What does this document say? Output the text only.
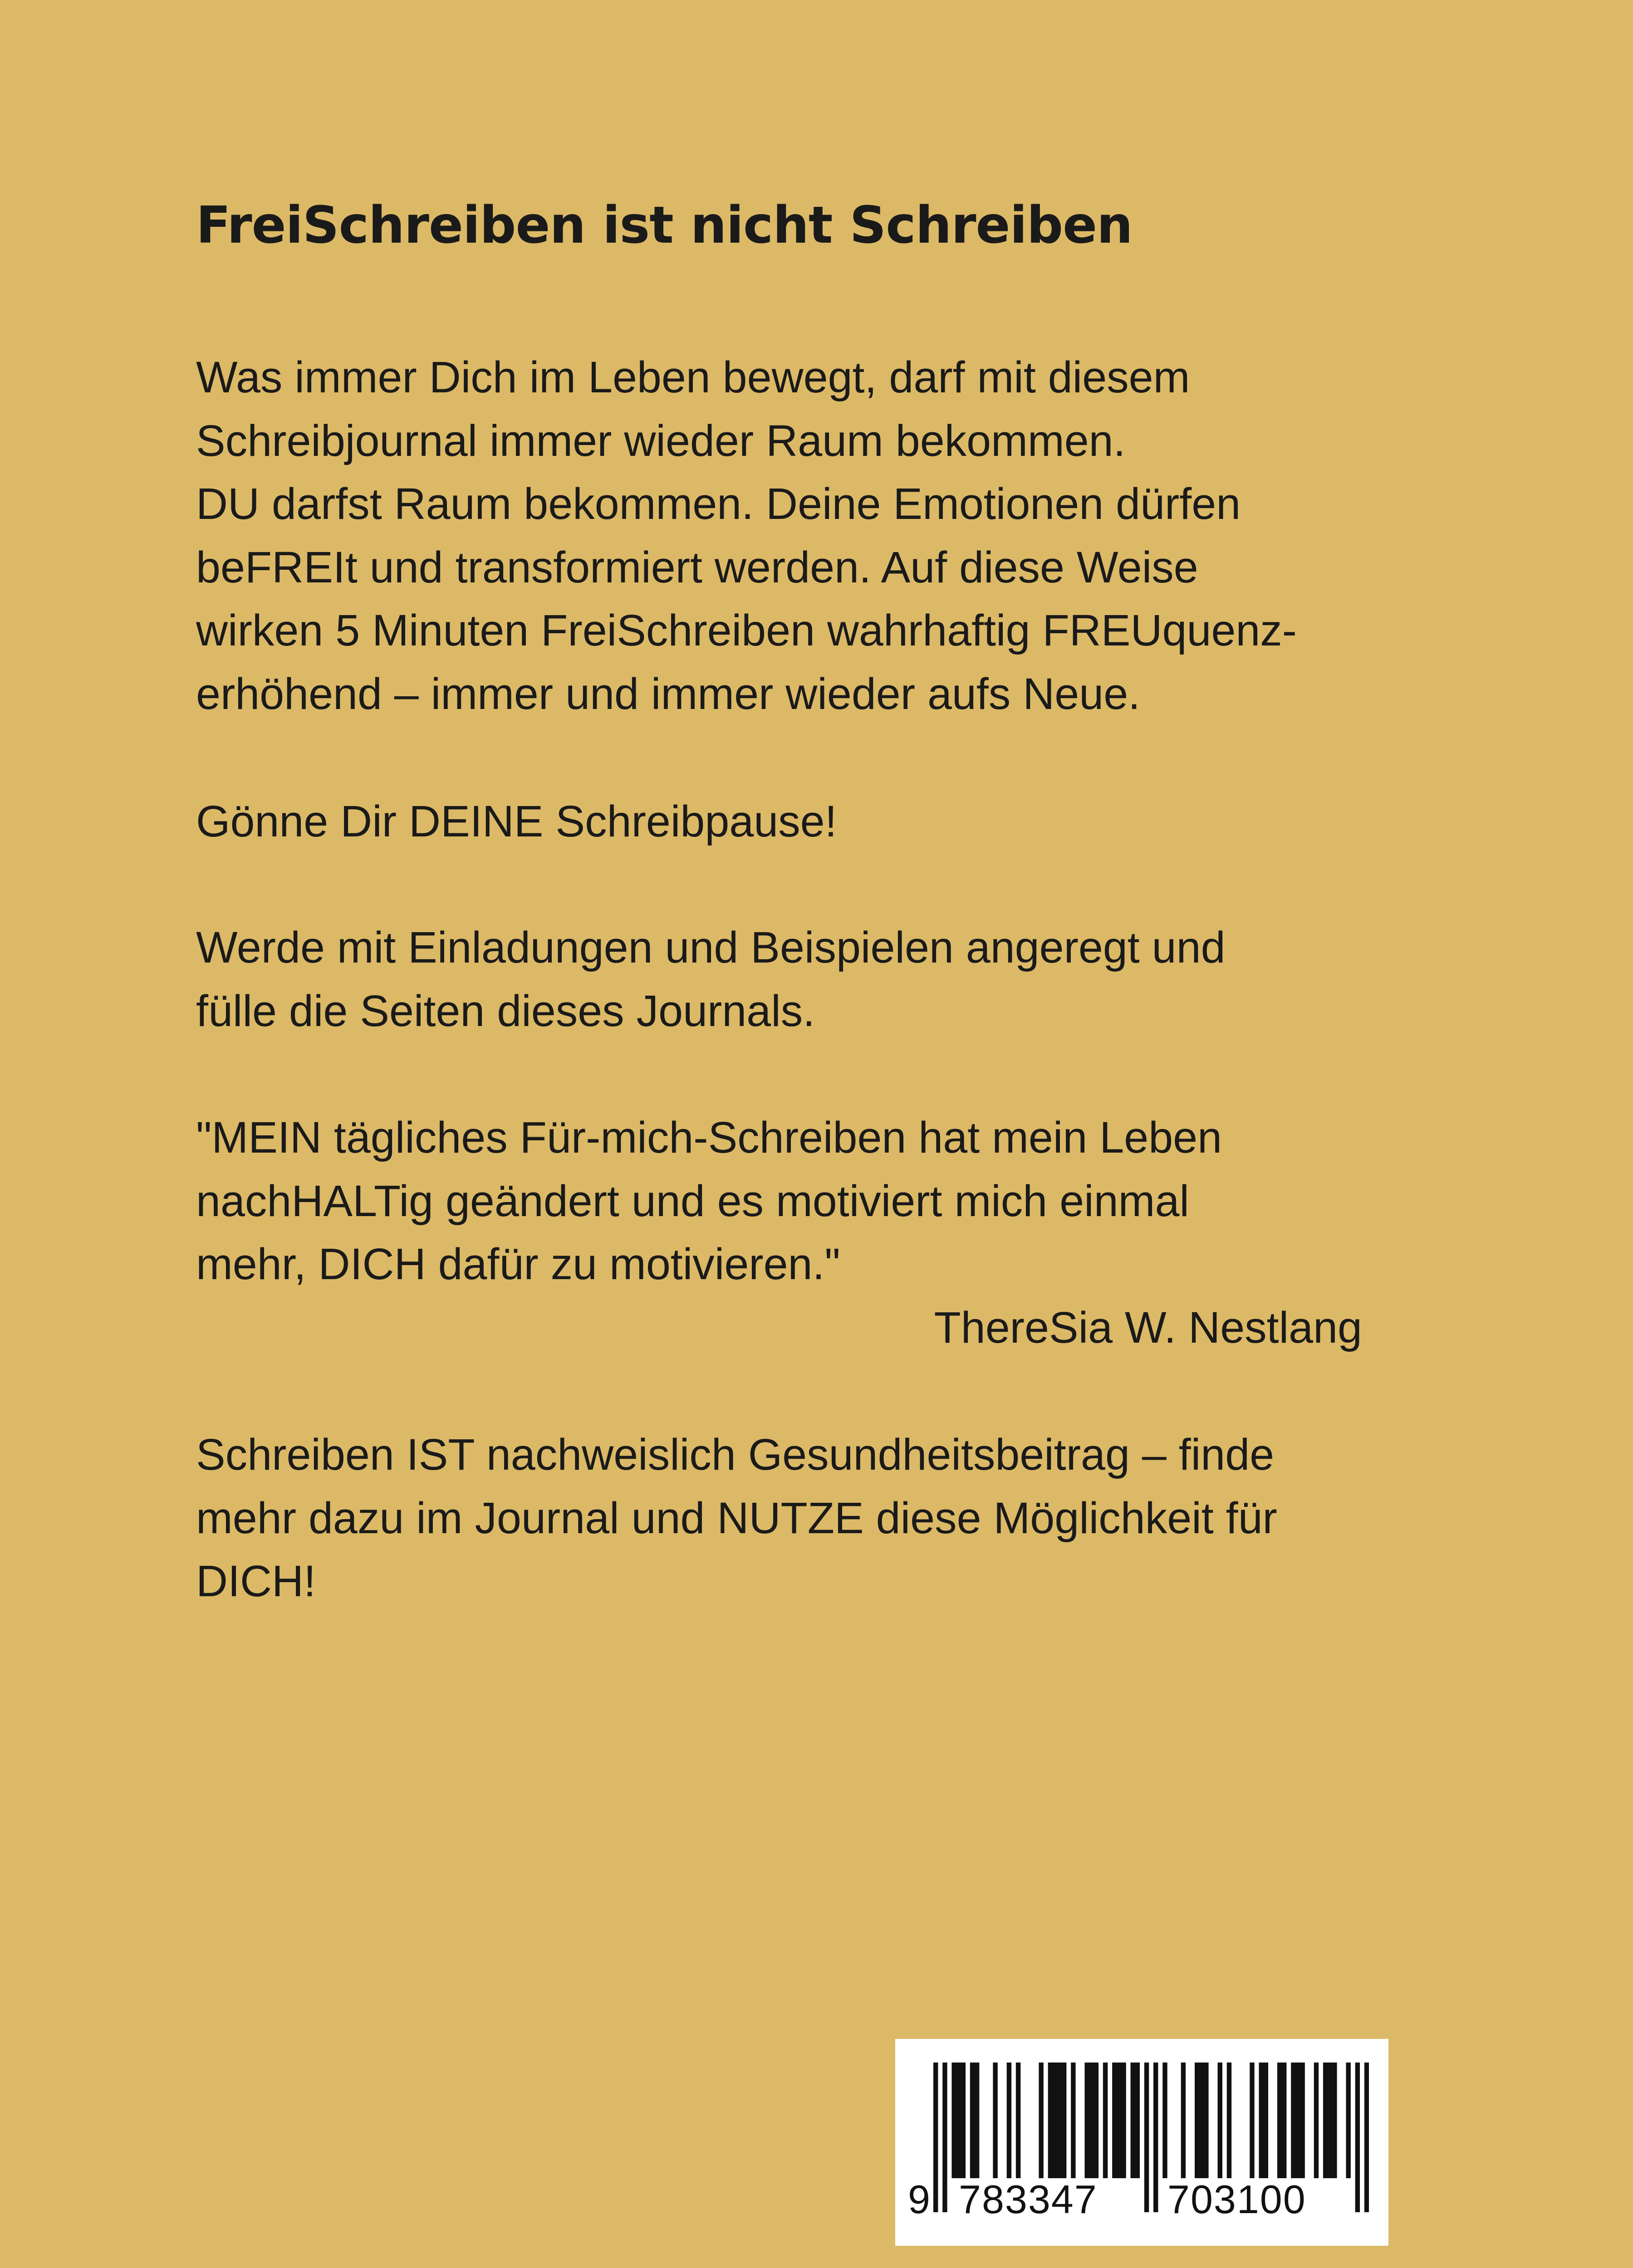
FreiSchreiben ist nicht Schreiben
Was immer Dich im Leben bewegt, darf mit diesem
Schreibjournal immer wieder Raum bekommen.
DU darfst Raum bekommen. Deine Emotionen dürfen
beFREIt und transformiert werden. Auf diese Weise
wirken 5 Minuten FreiSchreiben wahrhaftig FREUquenz-
erhöhend – immer und immer wieder aufs Neue.
Gönne Dir DEINE Schreibpause!
Werde mit Einladungen und Beispielen angeregt und
fülle die Seiten dieses Journals.
"MEIN tägliches Für-mich-Schreiben hat mein Leben
nachHALTig geändert und es motiviert mich einmal
mehr, DICH dafür zu motivieren."
ThereSia W. Nestlang
Schreiben IST nachweislich Gesundheitsbeitrag – finde
mehr dazu im Journal und NUTZE diese Möglichkeit für
DICH!
9 783347 703100
